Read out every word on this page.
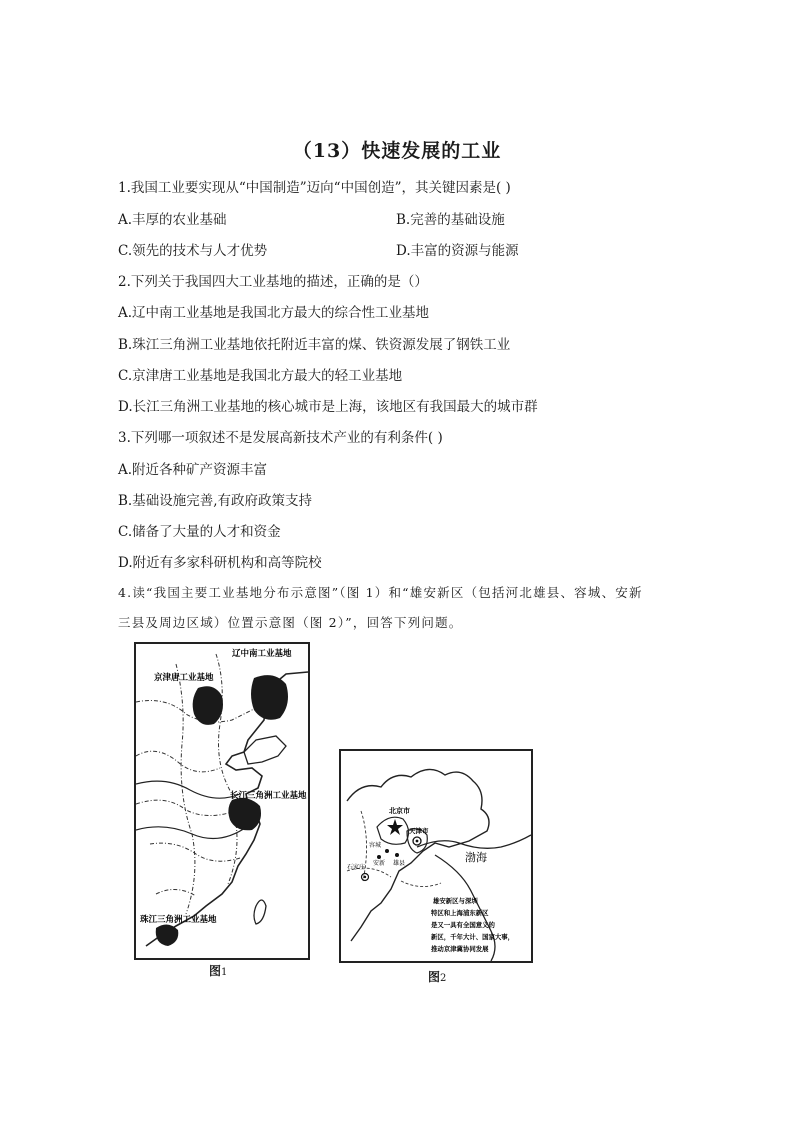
（13）快速发展的工业
1.我国工业要实现从“中国制造”迈向“中国创造”，其关键因素是( )
A.丰厚的农业基础	B.完善的基础设施
C.领先的技术与人才优势	D.丰富的资源与能源
2.下列关于我国四大工业基地的描述，正确的是（）
A.辽中南工业基地是我国北方最大的综合性工业基地
B.珠江三角洲工业基地依托附近丰富的煤、铁资源发展了钢铁工业
C.京津唐工业基地是我国北方最大的轻工业基地
D.长江三角洲工业基地的核心城市是上海，该地区有我国最大的城市群
3.下列哪一项叙述不是发展高新技术产业的有利条件( )
A.附近各种矿产资源丰富
B.基础设施完善,有政府政策支持
C.储备了大量的人才和资金
D.附近有多家科研机构和高等院校
4.读“我国主要工业基地分布示意图”（图 1）和“雄安新区（包括河北雄县、容城、安新
三县及周边区域）位置示意图（图 2）”，回答下列问题。
辽中南工业基地
京津唐工业基地
长江三角洲工业基地
珠江三角洲工业基地
图1
北京市
天津市
容城
雄县
安新
石家庄
渤海
雄安新区与深圳
特区和上海浦东新区
是又一具有全国意义的
新区，千年大计、国家大事，
推动京津冀协同发展
图2
